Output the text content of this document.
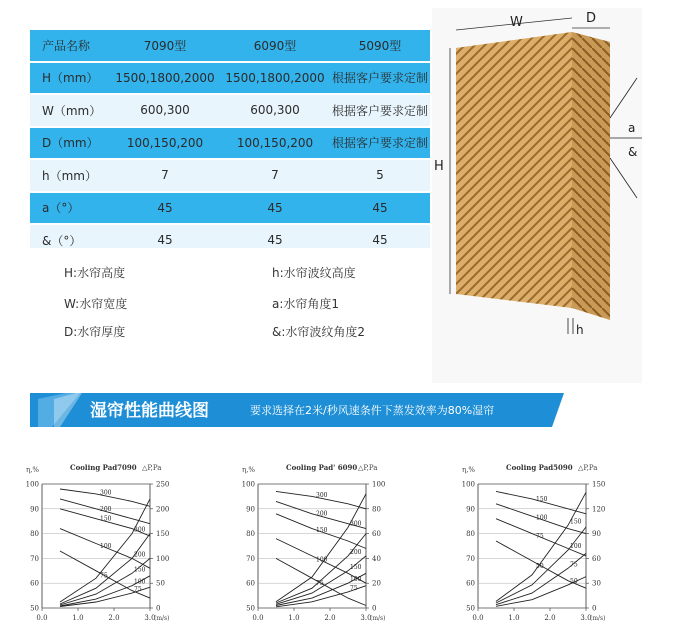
产品名称	7090型	6090型	5090型
H（mm）	1500,1800,2000	1500,1800,2000	根据客户要求定制
W（mm）	600,300	600,300	根据客户要求定制
D（mm）	100,150,200	100,150,200	根据客户要求定制
h（mm）	7	7	5
a（°）	45	45	45
&（°）	45	45	45
H:水帘高度
W:水帘宽度
D:水帘厚度
h:水帘波纹高度
a:水帘角度1
&:水帘波纹角度2
W	D
H
a
&
h
湿帘性能曲线图	要求选择在2米/秒风速条件下蒸发效率为80%湿帘
Cooling Pad7090
η,%	△P,Pa
(m/s)
50
60
70
80
90
100
0
50
100
150
200
250
0.0	1.0	2.0	3.0
300
200
150
100
75
300
200
150
100
75
Cooling Pad' 6090
η,%	△P,Pa
(m/s)
50
60
70
80
90
100
0
20
40
60
80
100
0.0	1.0	2.0	3.0
300
200
150
100
75
300
200
150
100
75
Cooling Pad5090
η,%	△P,Pa
(m/s)
50
60
70
80
90
100
0
30
60
90
120
150
0.0	1.0	2.0	3.0
150
100
75
50
150
100
75
50
